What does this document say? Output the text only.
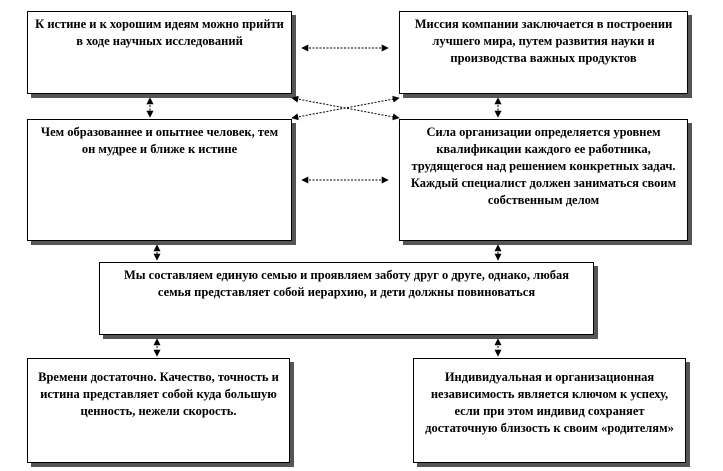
К истине и к хорошим идеям можно прийти в ходе научных исследований
Миссия компании заключается в построении лучшего мира, путем развития науки и производства важных продуктов
Чем образованнее и опытнее человек, тем он мудрее и ближе к истине
Сила организации определяется уровнем квалификации каждого ее работника, трудящегося над решением конкретных задач. Каждый специалист должен заниматься своим собственным делом
Мы составляем единую семью и проявляем заботу друг о друге, однако, любая семья представляет собой иерархию, и дети должны повиноваться
Времени достаточно. Качество, точность и истина представляет собой куда большую ценность, нежели скорость.
Индивидуальная и организационная независимость является ключом к успеху, если при этом индивид сохраняет достаточную близость к своим «родителям»
